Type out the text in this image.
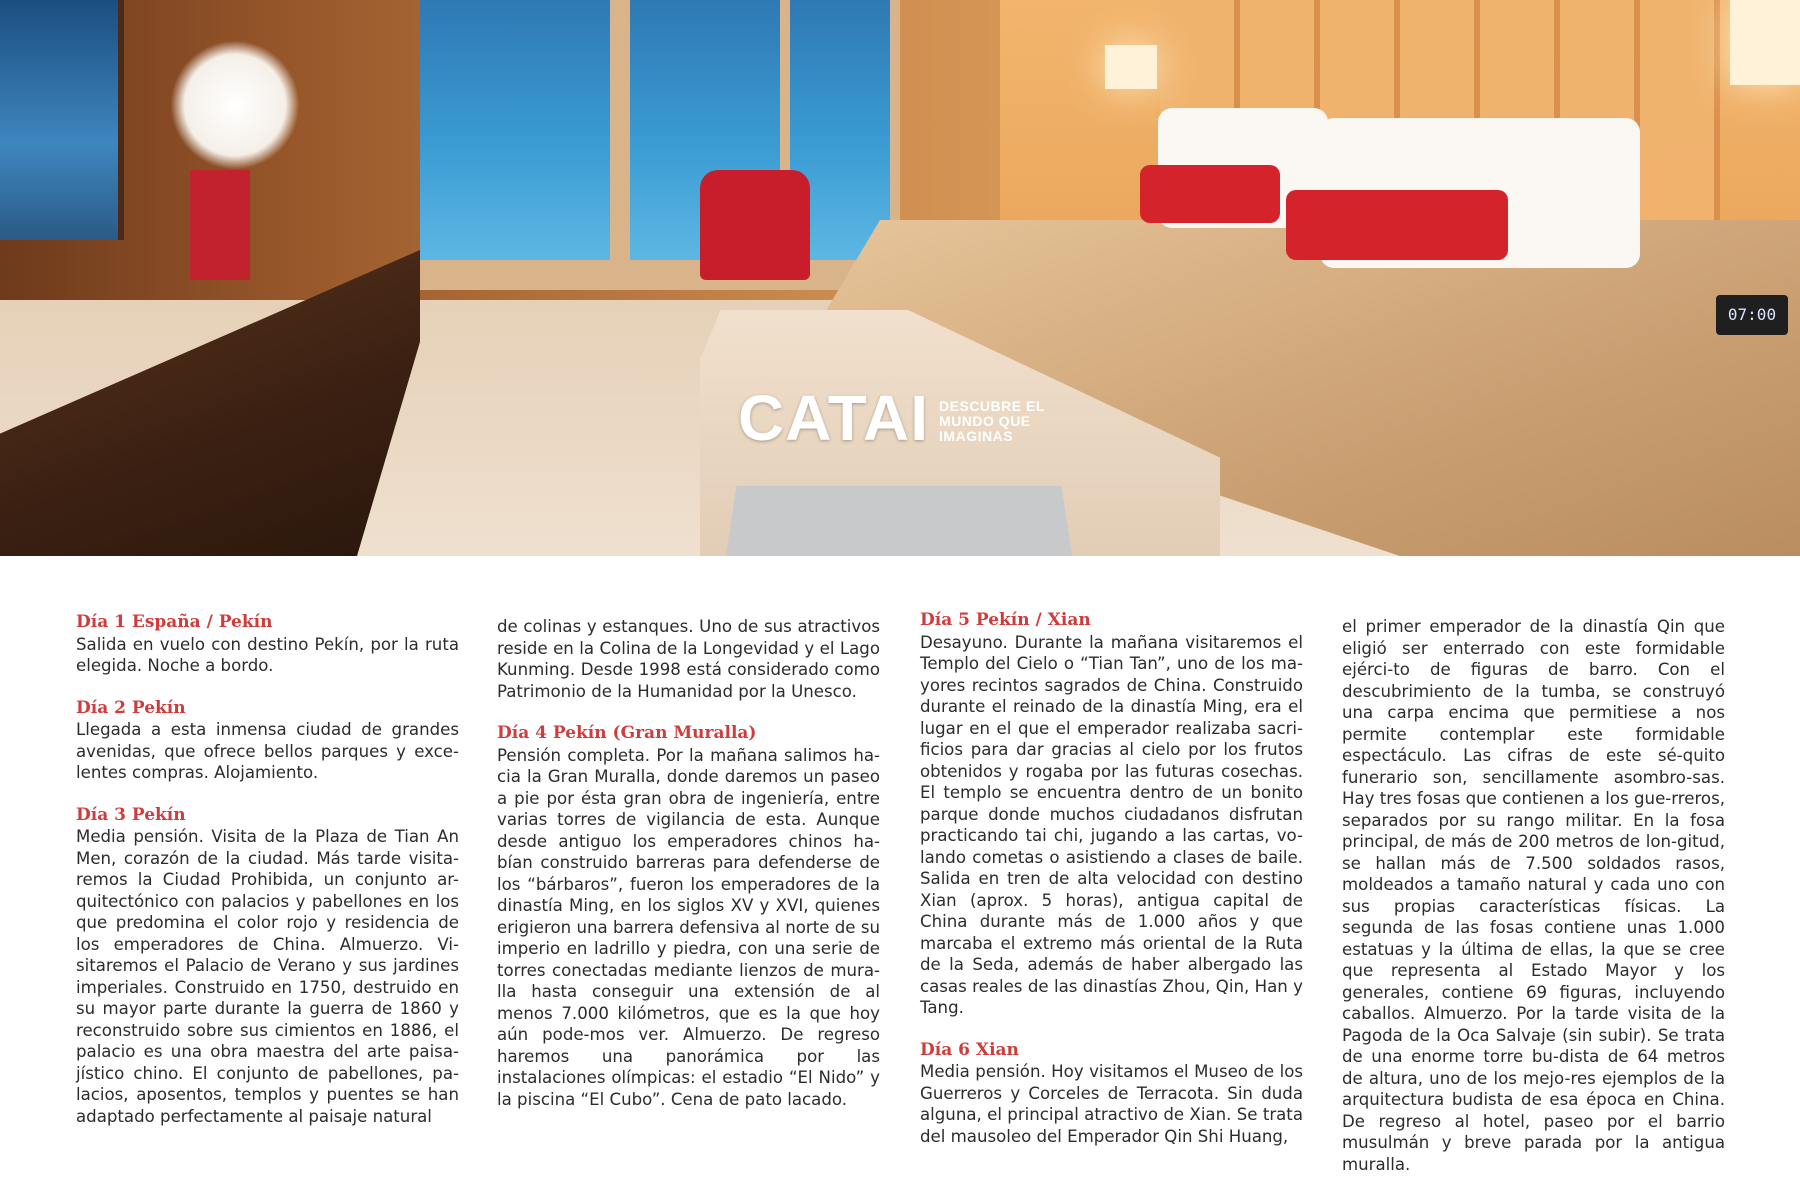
07:00
CATAI DESCUBRE EL
MUNDO QUE
IMAGINAS
Día 1 España / Pekín

Salida en vuelo con destino Pekín, por la ruta elegida. Noche a bordo.

Día 2 Pekín

Llegada a esta inmensa ciudad de grandes avenidas, que ofrece bellos parques y exce-lentes compras. Alojamiento.

Día 3 Pekín

Media pensión. Visita de la Plaza de Tian An Men, corazón de la ciudad. Más tarde visita-remos la Ciudad Prohibida, un conjunto ar-quitectónico con palacios y pabellones en los que predomina el color rojo y residencia de los emperadores de China. Almuerzo. Vi-sitaremos el Palacio de Verano y sus jardines imperiales. Construido en 1750, destruido en su mayor parte durante la guerra de 1860 y reconstruido sobre sus cimientos en 1886, el palacio es una obra maestra del arte paisa-jístico chino. El conjunto de pabellones, pa-lacios, aposentos, templos y puentes se han adaptado perfectamente al paisaje natural

de colinas y estanques. Uno de sus atractivos reside en la Colina de la Longevidad y el Lago Kunming. Desde 1998 está considerado como Patrimonio de la Humanidad por la Unesco.

Día 4 Pekín (Gran Muralla)

Pensión completa. Por la mañana salimos ha-cia la Gran Muralla, donde daremos un paseo a pie por ésta gran obra de ingeniería, entre varias torres de vigilancia de esta. Aunque desde antiguo los emperadores chinos ha-bían construido barreras para defenderse de los “bárbaros”, fueron los emperadores de la dinastía Ming, en los siglos XV y XVI, quienes erigieron una barrera defensiva al norte de su imperio en ladrillo y piedra, con una serie de torres conectadas mediante lienzos de mura-lla hasta conseguir una extensión de al menos 7.000 kilómetros, que es la que hoy aún pode-mos ver. Almuerzo. De regreso haremos una panorámica por las instalaciones olímpicas: el estadio “El Nido” y la piscina “El Cubo”. Cena de pato lacado.

Día 5 Pekín / Xian

Desayuno. Durante la mañana visitaremos el Templo del Cielo o “Tian Tan”, uno de los ma-yores recintos sagrados de China. Construido durante el reinado de la dinastía Ming, era el lugar en el que el emperador realizaba sacri-ficios para dar gracias al cielo por los frutos obtenidos y rogaba por las futuras cosechas. El templo se encuentra dentro de un bonito parque donde muchos ciudadanos disfrutan practicando tai chi, jugando a las cartas, vo-lando cometas o asistiendo a clases de baile. Salida en tren de alta velocidad con destino Xian (aprox. 5 horas), antigua capital de China durante más de 1.000 años y que marcaba el extremo más oriental de la Ruta de la Seda, además de haber albergado las casas reales de las dinastías Zhou, Qin, Han y Tang.

Día 6 Xian

Media pensión. Hoy visitamos el Museo de los Guerreros y Corceles de Terracota. Sin duda alguna, el principal atractivo de Xian. Se trata del mausoleo del Emperador Qin Shi Huang,

el primer emperador de la dinastía Qin que eligió ser enterrado con este formidable ejérci-to de figuras de barro. Con el descubrimiento de la tumba, se construyó una carpa encima que permitiese a nos permite contemplar este formidable espectáculo. Las cifras de este sé-quito funerario son, sencillamente asombro-sas. Hay tres fosas que contienen a los gue-rreros, separados por su rango militar. En la fosa principal, de más de 200 metros de lon-gitud, se hallan más de 7.500 soldados rasos, moldeados a tamaño natural y cada uno con sus propias características físicas. La segunda de las fosas contiene unas 1.000 estatuas y la última de ellas, la que se cree que representa al Estado Mayor y los generales, contiene 69 figuras, incluyendo caballos. Almuerzo. Por la tarde visita de la Pagoda de la Oca Salvaje (sin subir). Se trata de una enorme torre bu-dista de 64 metros de altura, uno de los mejo-res ejemplos de la arquitectura budista de esa época en China. De regreso al hotel, paseo por el barrio musulmán y breve parada por la antigua muralla.
